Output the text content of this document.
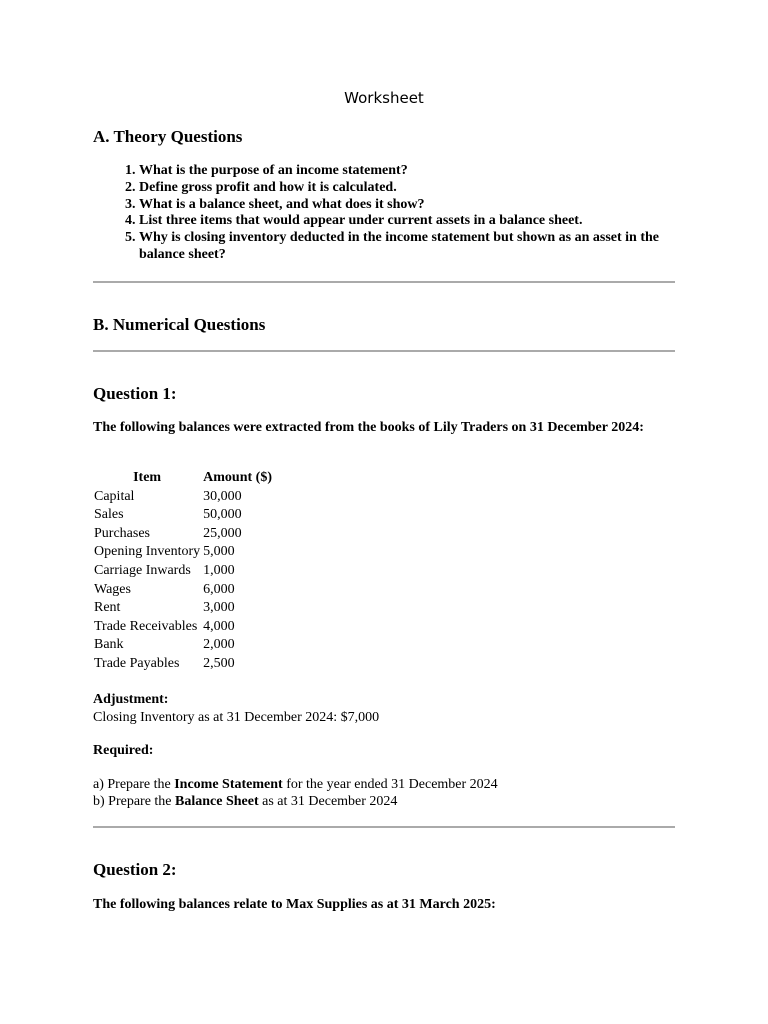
Worksheet
A. Theory Questions
1. What is the purpose of an income statement?
2. Define gross profit and how it is calculated.
3. What is a balance sheet, and what does it show?
4. List three items that would appear under current assets in a balance sheet.
5. Why is closing inventory deducted in the income statement but shown as an asset in the balance sheet?
B. Numerical Questions
Question 1:
The following balances were extracted from the books of Lily Traders on 31 December 2024:
Item	Amount ($)
Capital	30,000
Sales	50,000
Purchases	25,000
Opening Inventory	5,000
Carriage Inwards	1,000
Wages	6,000
Rent	3,000
Trade Receivables	4,000
Bank	2,000
Trade Payables	2,500
Adjustment:
Closing Inventory as at 31 December 2024: $7,000
Required:
a) Prepare the Income Statement for the year ended 31 December 2024
b) Prepare the Balance Sheet as at 31 December 2024
Question 2:
The following balances relate to Max Supplies as at 31 March 2025:
